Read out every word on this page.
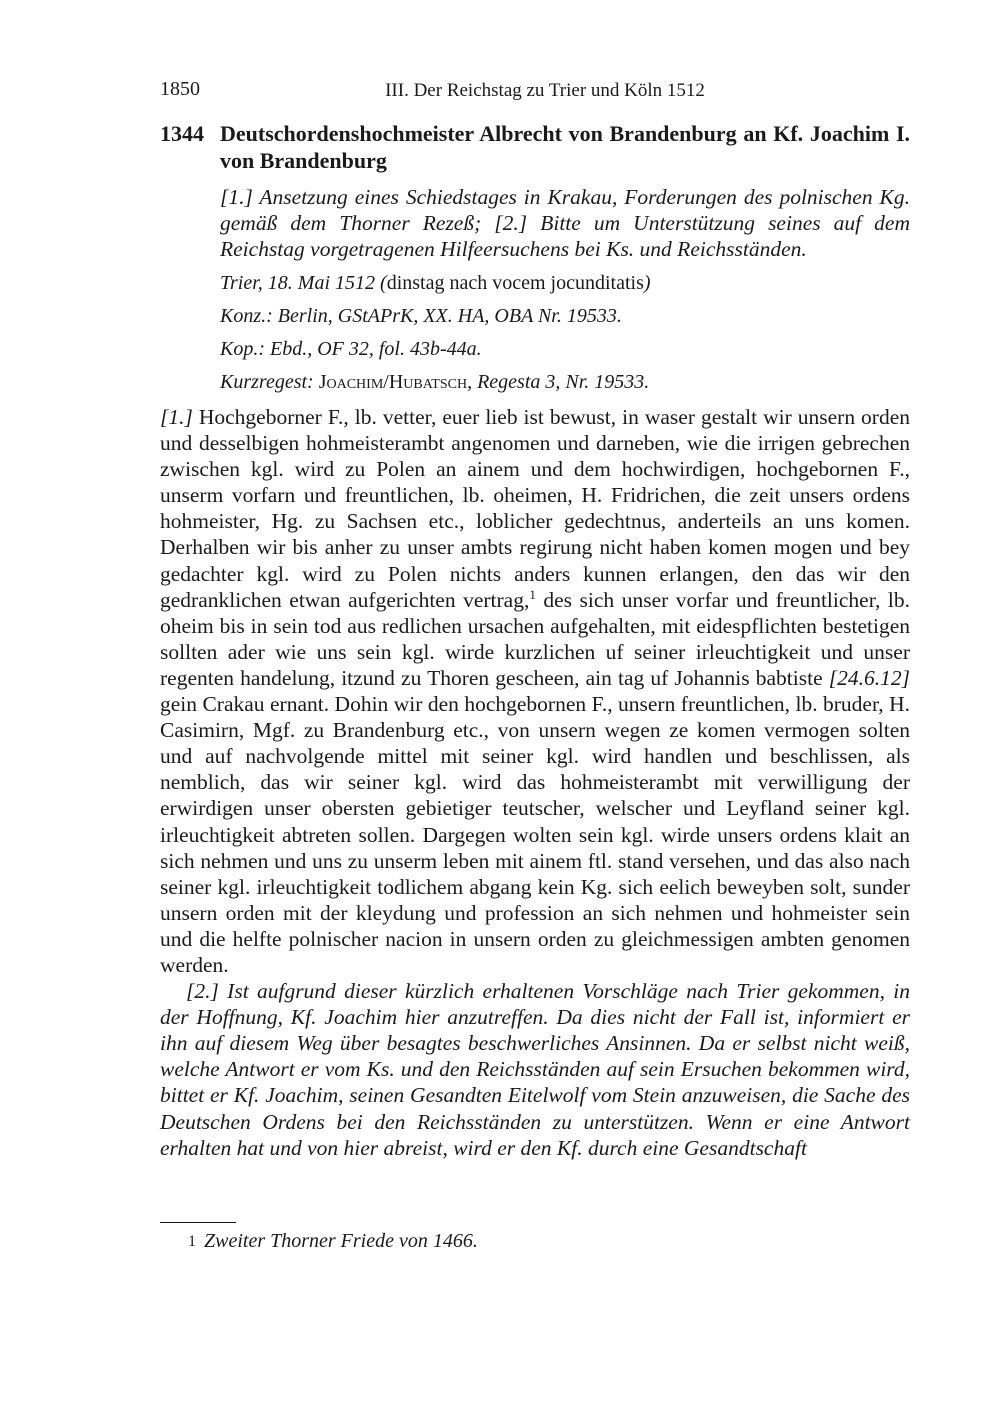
1850	III. Der Reichstag zu Trier und Köln 1512
1344 Deutschordenshochmeister Albrecht von Brandenburg an Kf. Joachim I. von Brandenburg
[1.] Ansetzung eines Schiedstages in Krakau, Forderungen des polnischen Kg. gemäß dem Thorner Rezeß; [2.] Bitte um Unterstützung seines auf dem Reichstag vorgetragenen Hilfeersuchens bei Ks. und Reichsständen.
Trier, 18. Mai 1512 (dinstag nach vocem jocunditatis)
Konz.: Berlin, GStAPrK, XX. HA, OBA Nr. 19533.
Kop.: Ebd., OF 32, fol. 43b-44a.
Kurzregest: Joachim/Hubatsch, Regesta 3, Nr. 19533.

[1.] Hochgeborner F., lb. vetter, euer lieb ist bewust, in waser gestalt wir unsern orden und desselbigen hohmeisterambt angenomen und darneben, wie die irrigen gebrechen zwischen kgl. wird zu Polen an ainem und dem hochwirdigen, hochgebornen F., unserm vorfarn und freuntlichen, lb. oheimen, H. Fridrichen, die zeit unsers ordens hohmeister, Hg. zu Sachsen etc., loblicher gedechtnus, anderteils an uns komen. Derhalben wir bis anher zu unser ambts regirung nicht haben komen mogen und bey gedachter kgl. wird zu Polen nichts anders kunnen erlangen, den das wir den gedranklichen etwan aufgerichten vertrag,$^1$ des sich unser vorfar und freuntlicher, lb. oheim bis in sein tod aus redlichen ursachen aufgehalten, mit eidespflichten bestetigen sollten ader wie uns sein kgl. wirde kurzlichen uf seiner irleuchtigkeit und unser regenten handelung, itzund zu Thoren gescheen, ain tag uf Johannis babtiste [24.6.12] gein Crakau ernant. Dohin wir den hochgebornen F., unsern freuntlichen, lb. bruder, H. Casimirn, Mgf. zu Brandenburg etc., von unsern wegen ze komen vermogen solten und auf nachvolgende mittel mit seiner kgl. wird handlen und beschlissen, als nemblich, das wir seiner kgl. wird das hohmeisterambt mit verwilligung der erwirdigen unser obersten gebietiger teutscher, welscher und Leyfland seiner kgl. irleuchtigkeit abtreten sollen. Dargegen wolten sein kgl. wirde unsers ordens klait an sich nehmen und uns zu unserm leben mit ainem ftl. stand versehen, und das also nach seiner kgl. irleuchtigkeit todlichem abgang kein Kg. sich eelich beweyben solt, sunder unsern orden mit der kleydung und profession an sich nehmen und hohmeister sein und die helfte polnischer nacion in unsern orden zu gleichmessigen ambten genomen werden.

[2.] Ist aufgrund dieser kürzlich erhaltenen Vorschläge nach Trier gekommen, in der Hoffnung, Kf. Joachim hier anzutreffen. Da dies nicht der Fall ist, informiert er ihn auf diesem Weg über besagtes beschwerliches Ansinnen. Da er selbst nicht weiß, welche Antwort er vom Ks. und den Reichsständen auf sein Ersuchen bekommen wird, bittet er Kf. Joachim, seinen Gesandten Eitelwolf vom Stein anzuweisen, die Sache des Deutschen Ordens bei den Reichsständen zu unterstützen. Wenn er eine Antwort erhalten hat und von hier abreist, wird er den Kf. durch eine Gesandtschaft

1 Zweiter Thorner Friede von 1466.
